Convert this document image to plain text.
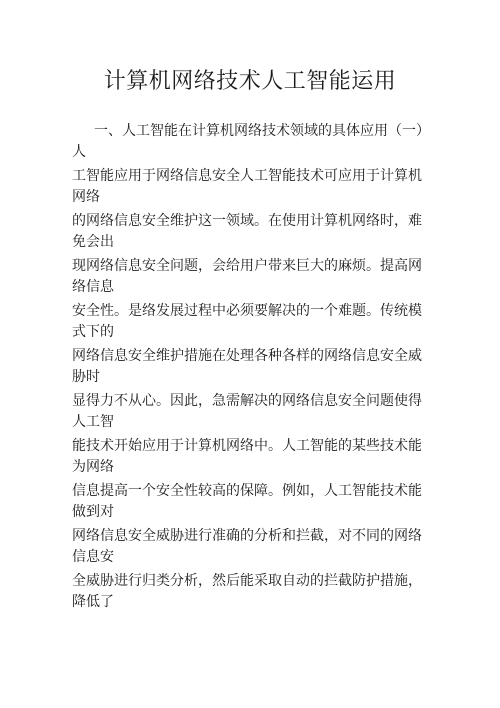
计算机网络技术人工智能运用

一、人工智能在计算机网络技术领域的具体应用（一）人

工智能应用于网络信息安全人工智能技术可应用于计算机网络

的网络信息安全维护这一领域。在使用计算机网络时，难免会出

现网络信息安全问题，会给用户带来巨大的麻烦。提高网络信息

安全性。是络发展过程中必须要解决的一个难题。传统模式下的

网络信息安全维护措施在处理各种各样的网络信息安全威胁时

显得力不从心。因此，急需解决的网络信息安全问题使得人工智

能技术开始应用于计算机网络中。人工智能的某些技术能为网络

信息提高一个安全性较高的保障。例如，人工智能技术能做到对

网络信息安全威胁进行准确的分析和拦截，对不同的网络信息安

全威胁进行归类分析，然后能采取自动的拦截防护措施，降低了
